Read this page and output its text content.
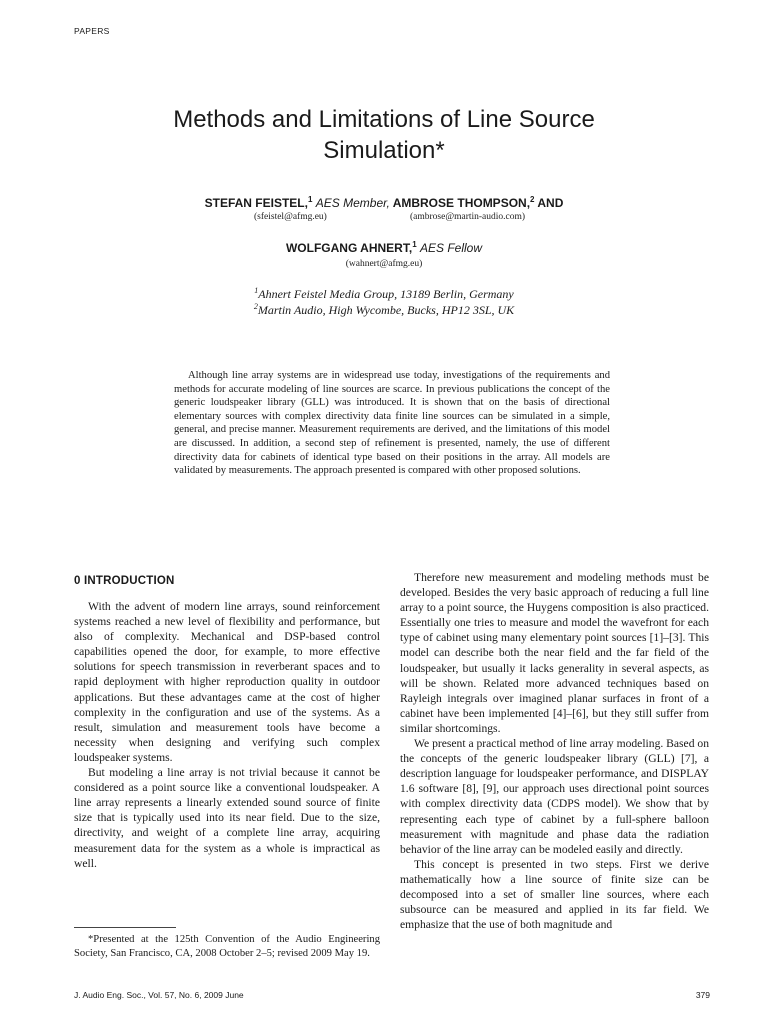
PAPERS
Methods and Limitations of Line Source
Simulation*
STEFAN FEISTEL,$^1$ AES Member, AMBROSE THOMPSON,$^2$ AND
(sfeistel@afmg.eu)	(ambrose@martin-audio.com)
WOLFGANG AHNERT,$^1$ AES Fellow
(wahnert@afmg.eu)
$^1$Ahnert Feistel Media Group, 13189 Berlin, Germany
$^2$Martin Audio, High Wycombe, Bucks, HP12 3SL, UK
Although line array systems are in widespread use today, investigations of the requirements and methods for accurate modeling of line sources are scarce. In previous publications the concept of the generic loudspeaker library (GLL) was introduced. It is shown that on the basis of directional elementary sources with complex directivity data finite line sources can be simulated in a simple, general, and precise manner. Measurement requirements are derived, and the limitations of this model are discussed. In addition, a second step of refinement is presented, namely, the use of different directivity data for cabinets of identical type based on their positions in the array. All models are validated by measurements. The approach presented is compared with other proposed solutions.
0 INTRODUCTION

With the advent of modern line arrays, sound reinforcement systems reached a new level of flexibility and performance, but also of complexity. Mechanical and DSP-based control capabilities opened the door, for example, to more effective solutions for speech transmission in reverberant spaces and to rapid deployment with higher reproduction quality in outdoor applications. But these advantages came at the cost of higher complexity in the configuration and use of the systems. As a result, simulation and measurement tools have become a necessity when designing and verifying such complex loudspeaker systems.

But modeling a line array is not trivial because it cannot be considered as a point source like a conventional loudspeaker. A line array represents a linearly extended sound source of finite size that is typically used into its near field. Due to the size, directivity, and weight of a complete line array, acquiring measurement data for the system as a whole is impractical as well.

Therefore new measurement and modeling methods must be developed. Besides the very basic approach of reducing a full line array to a point source, the Huygens composition is also practiced. Essentially one tries to measure and model the wavefront for each type of cabinet using many elementary point sources [1]–[3]. This model can describe both the near field and the far field of the loudspeaker, but usually it lacks generality in several aspects, as will be shown. Related more advanced techniques based on Rayleigh integrals over imagined planar surfaces in front of a cabinet have been implemented [4]–[6], but they still suffer from similar shortcomings.

We present a practical method of line array modeling. Based on the concepts of the generic loudspeaker library (GLL) [7], a description language for loudspeaker performance, and DISPLAY 1.6 software [8], [9], our approach uses directional point sources with complex directivity data (CDPS model). We show that by representing each type of cabinet by a full-sphere balloon measurement with magnitude and phase data the radiation behavior of the line array can be modeled easily and directly.

This concept is presented in two steps. First we derive mathematically how a line source of finite size can be decomposed into a set of smaller line sources, where each subsource can be measured and applied in its far field. We emphasize that the use of both magnitude and

*Presented at the 125th Convention of the Audio Engineering Society, San Francisco, CA, 2008 October 2–5; revised 2009 May 19.
J. Audio Eng. Soc., Vol. 57, No. 6, 2009 June	379
